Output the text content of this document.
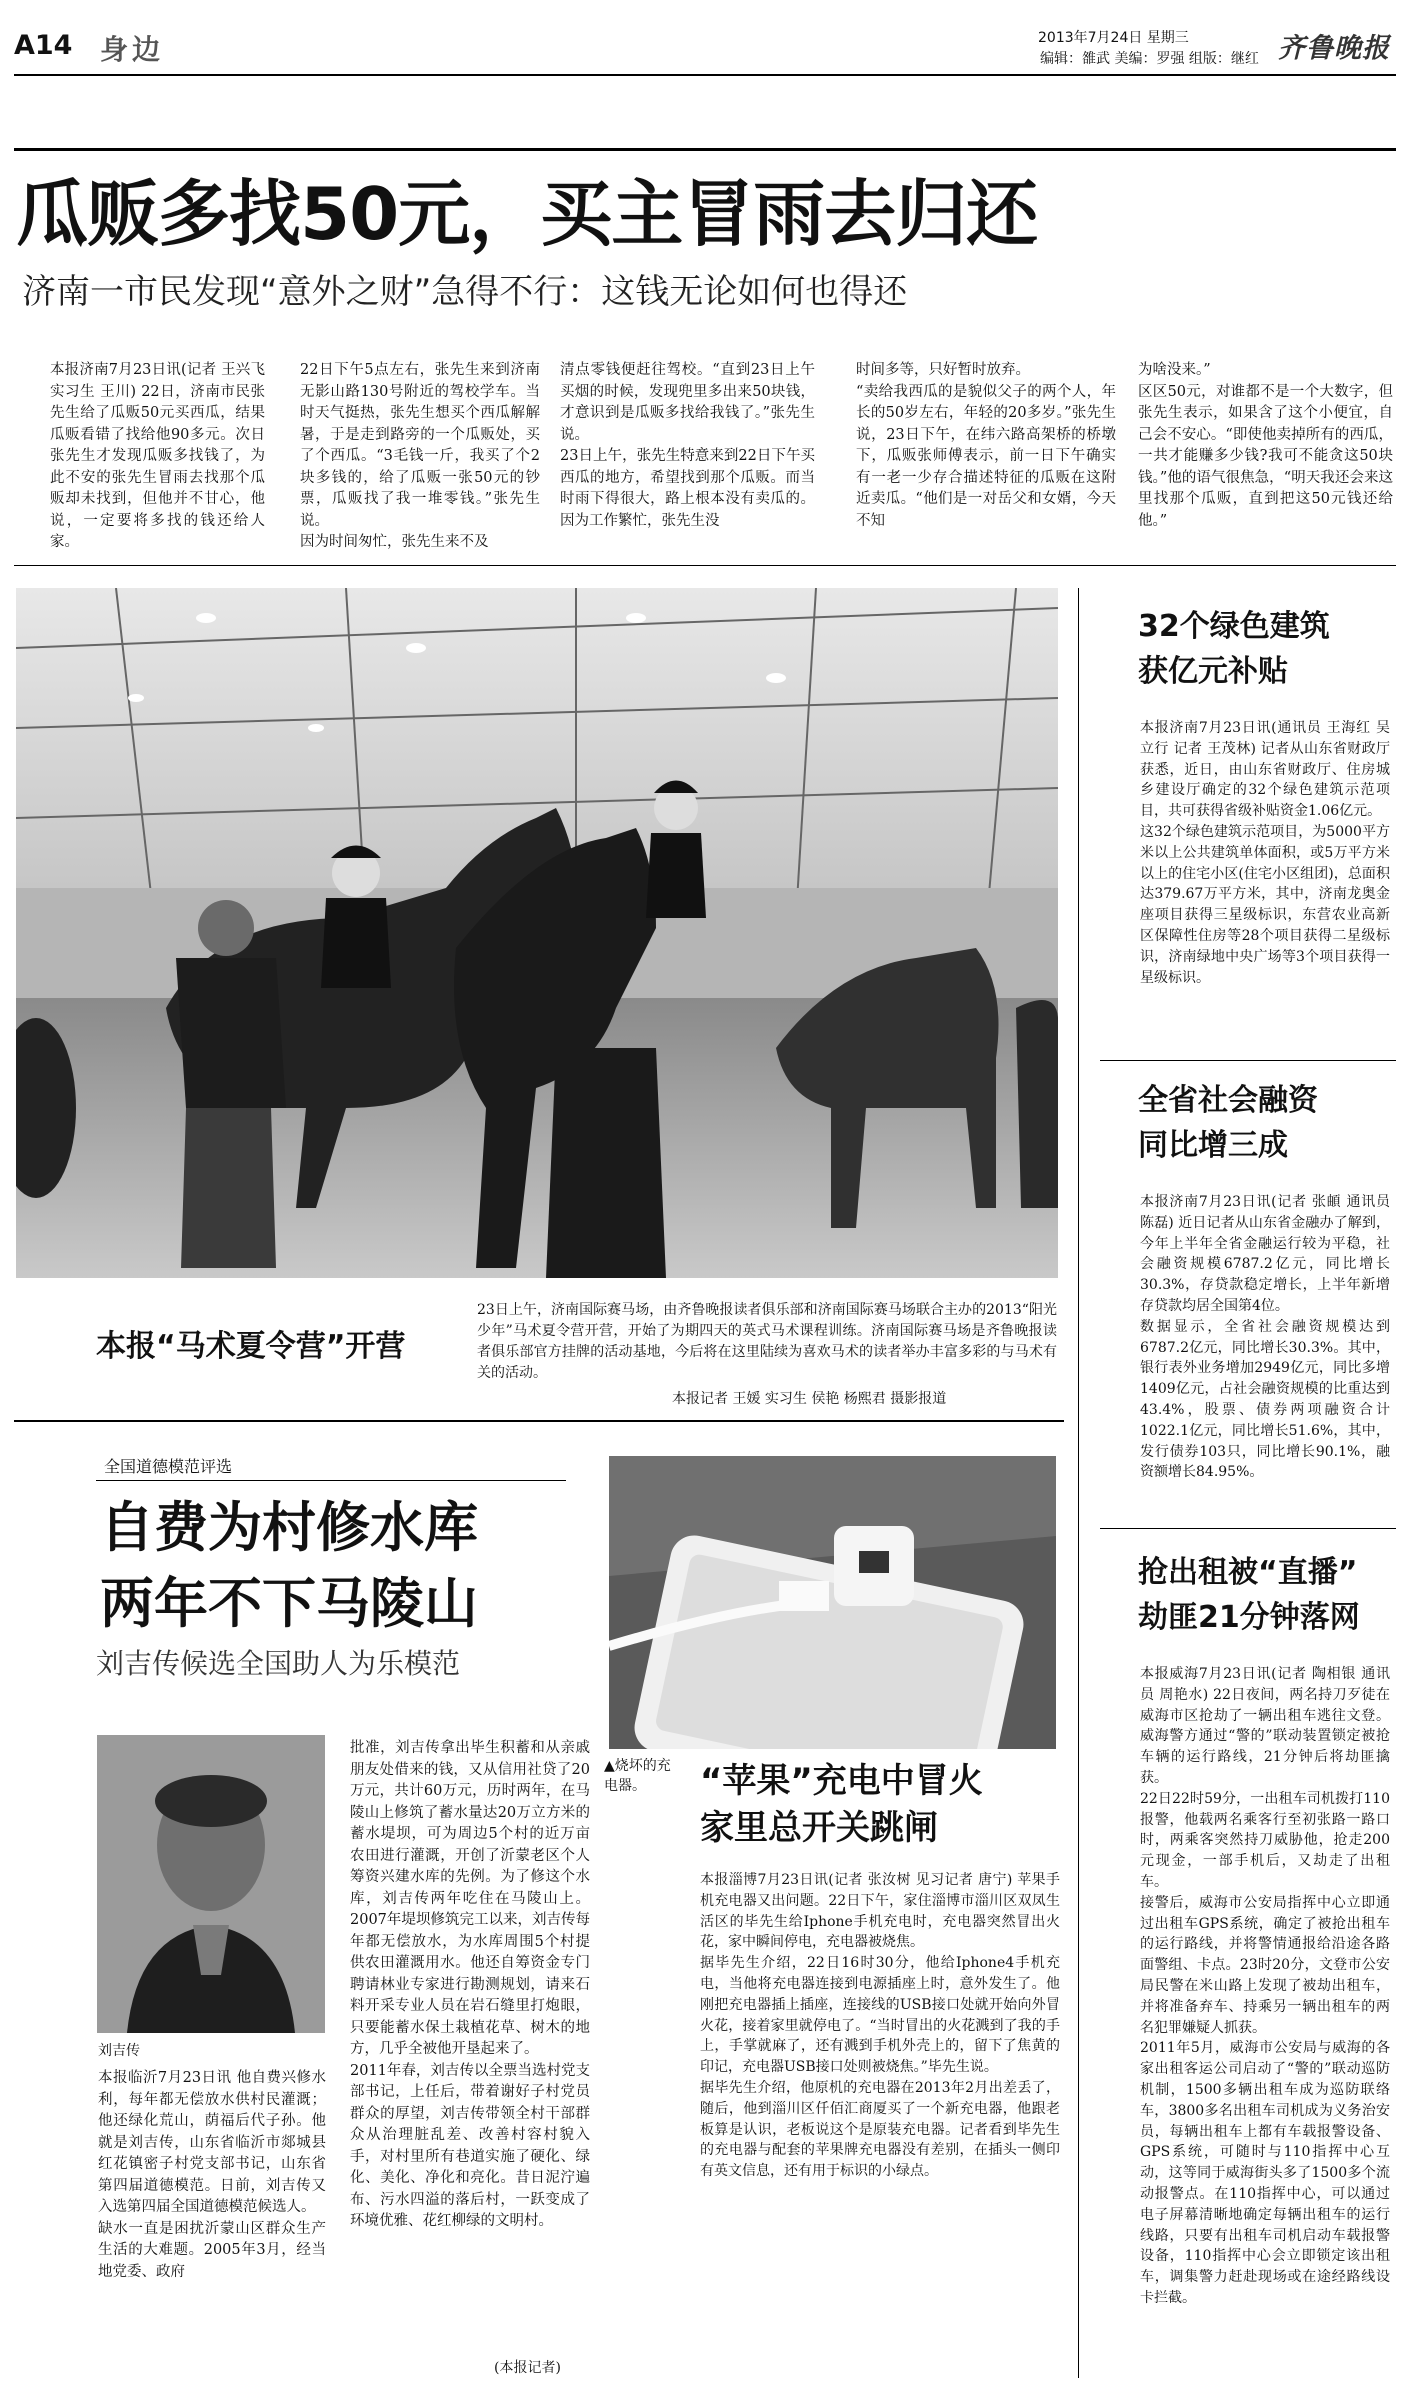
A14 身边	2013年7月24日 星期三
编辑：雒武 美编：罗强 组版：继红 齐鲁晚报
瓜贩多找50元，买主冒雨去归还
济南一市民发现“意外之财”急得不行：这钱无论如何也得还
本报济南7月23日讯(记者 王兴飞 实习生 王川) 22日，济南市民张先生给了瓜贩50元买西瓜，结果瓜贩看错了找给他90多元。次日张先生才发现瓜贩多找钱了，为此不安的张先生冒雨去找那个瓜贩却未找到，但他并不甘心，他说，一定要将多找的钱还给人家。
22日下午5点左右，张先生来到济南无影山路130号附近的驾校学车。当时天气挺热，张先生想买个西瓜解解暑，于是走到路旁的一个瓜贩处，买了个西瓜。“3毛钱一斤，我买了个2块多钱的，给了瓜贩一张50元的钞票，瓜贩找了我一堆零钱。”张先生说。
因为时间匆忙，张先生来不及
清点零钱便赶往驾校。“直到23日上午买烟的时候，发现兜里多出来50块钱，才意识到是瓜贩多找给我钱了。”张先生说。
23日上午，张先生特意来到22日下午买西瓜的地方，希望找到那个瓜贩。而当时雨下得很大，路上根本没有卖瓜的。因为工作繁忙，张先生没
时间多等，只好暂时放弃。
“卖给我西瓜的是貌似父子的两个人，年长的50岁左右，年轻的20多岁。”张先生说，23日下午，在纬六路高架桥的桥墩下，瓜贩张师傅表示，前一日下午确实有一老一少存合描述特征的瓜贩在这附近卖瓜。“他们是一对岳父和女婿，今天不知
为啥没来。”
区区50元，对谁都不是一个大数字，但张先生表示，如果含了这个小便宜，自己会不安心。“即使他卖掉所有的西瓜，一共才能赚多少钱?我可不能贪这50块钱。”他的语气很焦急，“明天我还会来这里找那个瓜贩，直到把这50元钱还给他。”
本报“马术夏令营”开营
23日上午，济南国际赛马场，由齐鲁晚报读者俱乐部和济南国际赛马场联合主办的2013“阳光少年”马术夏令营开营，开始了为期四天的英式马术课程训练。济南国际赛马场是齐鲁晚报读者俱乐部官方挂牌的活动基地，今后将在这里陆续为喜欢马术的读者举办丰富多彩的与马术有关的活动。
本报记者 王媛 实习生 侯艳 杨熙君 摄影报道
32个绿色建筑
获亿元补贴
本报济南7月23日讯(通讯员 王海红 吴立行 记者 王茂林) 记者从山东省财政厅获悉，近日，由山东省财政厅、住房城乡建设厅确定的32个绿色建筑示范项目，共可获得省级补贴资金1.06亿元。
这32个绿色建筑示范项目，为5000平方米以上公共建筑单体面积，或5万平方米以上的住宅小区(住宅小区组团)，总面积达379.67万平方米，其中，济南龙奥金座项目获得三星级标识，东营农业高新区保障性住房等28个项目获得二星级标识，济南绿地中央广场等3个项目获得一星级标识。
全省社会融资
同比增三成
本报济南7月23日讯(记者 张頔 通讯员 陈磊) 近日记者从山东省金融办了解到，今年上半年全省金融运行较为平稳，社会融资规模6787.2亿元，同比增长30.3%，存贷款稳定增长，上半年新增存贷款均居全国第4位。
数据显示，全省社会融资规模达到6787.2亿元，同比增长30.3%。其中，银行表外业务增加2949亿元，同比多增1409亿元，占社会融资规模的比重达到43.4%，股票、债券两项融资合计1022.1亿元，同比增长51.6%，其中，发行债券103只，同比增长90.1%，融资额增长84.95%。
抢出租被“直播”
劫匪21分钟落网
本报威海7月23日讯(记者 陶相银 通讯员 周艳水) 22日夜间，两名持刀歹徒在威海市区抢劫了一辆出租车逃往文登。威海警方通过“警的”联动装置锁定被抢车辆的运行路线，21分钟后将劫匪擒获。
22日22时59分，一出租车司机拨打110报警，他载两名乘客行至初张路一路口时，两乘客突然持刀威胁他，抢走200元现金，一部手机后，又劫走了出租车。
接警后，威海市公安局指挥中心立即通过出租车GPS系统，确定了被抢出租车的运行路线，并将警情通报给沿途各路面警组、卡点。23时20分，文登市公安局民警在米山路上发现了被劫出租车，并将准备弃车、持乘另一辆出租车的两名犯罪嫌疑人抓获。
2011年5月，威海市公安局与威海的各家出租客运公司启动了“警的”联动巡防机制，1500多辆出租车成为巡防联络车，3800多名出租车司机成为义务治安员，每辆出租车上都有车载报警设备、GPS系统，可随时与110指挥中心互动，这等同于威海街头多了1500多个流动报警点。在110指挥中心，可以通过电子屏幕清晰地确定每辆出租车的运行线路，只要有出租车司机启动车载报警设备，110指挥中心会立即锁定该出租车，调集警力赶赴现场或在途经路线设卡拦截。
全国道德模范评选
自费为村修水库
两年不下马陵山
刘吉传候选全国助人为乐模范
刘吉传
本报临沂7月23日讯 他自费兴修水利，每年都无偿放水供村民灌溉；他还绿化荒山，荫福后代子孙。他就是刘吉传，山东省临沂市郯城县红花镇密子村党支部书记，山东省第四届道德模范。日前，刘吉传又入选第四届全国道德模范候选人。
缺水一直是困扰沂蒙山区群众生产生活的大难题。2005年3月，经当地党委、政府
批准，刘吉传拿出毕生积蓄和从亲戚朋友处借来的钱，又从信用社贷了20万元，共计60万元，历时两年，在马陵山上修筑了蓄水量达20万立方米的蓄水堤坝，可为周边5个村的近万亩农田进行灌溉，开创了沂蒙老区个人筹资兴建水库的先例。为了修这个水库，刘吉传两年吃住在马陵山上。2007年堤坝修筑完工以来，刘吉传每年都无偿放水，为水库周围5个村提供农田灌溉用水。他还自筹资金专门聘请林业专家进行勘测规划，请来石料开采专业人员在岩石缝里打炮眼，只要能蓄水保土栽植花草、树木的地方，几乎全被他开垦起来了。
2011年春，刘吉传以全票当选村党支部书记，上任后，带着谢好子村党员群众的厚望，刘吉传带领全村干部群众从治理脏乱差、改善村容村貌入手，对村里所有巷道实施了硬化、绿化、美化、净化和亮化。昔日泥泞遍布、污水四溢的落后村，一跃变成了环境优雅、花红柳绿的文明村。
(本报记者)
▲烧坏的充电器。	“苹果”充电中冒火
家里总开关跳闸
本报淄博7月23日讯(记者 张汝树 见习记者 唐宁) 苹果手机充电器又出问题。22日下午，家住淄博市淄川区双凤生活区的毕先生给Iphone手机充电时，充电器突然冒出火花，家中瞬间停电，充电器被烧焦。
据毕先生介绍，22日16时30分，他给Iphone4手机充电，当他将充电器连接到电源插座上时，意外发生了。他刚把充电器插上插座，连接线的USB接口处就开始向外冒火花，接着家里就停电了。“当时冒出的火花溅到了我的手上，手掌就麻了，还有溅到手机外壳上的，留下了焦黄的印记，充电器USB接口处则被烧焦。”毕先生说。
据毕先生介绍，他原机的充电器在2013年2月出差丢了，随后，他到淄川区仟佰汇商厦买了一个新充电器，他跟老板算是认识，老板说这个是原装充电器。记者看到毕先生的充电器与配套的苹果牌充电器没有差别，在插头一侧印有英文信息，还有用于标识的小绿点。
